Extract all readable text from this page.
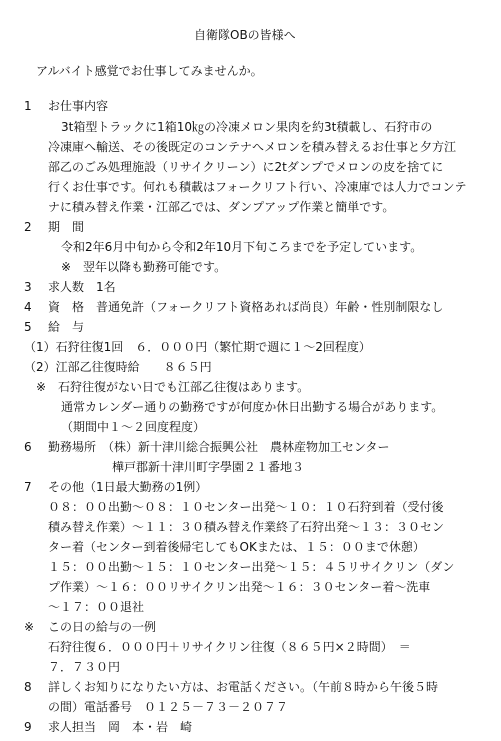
自衛隊OBの皆様へ
アルバイト感覚でお仕事してみませんか。
1 お仕事内容
3t箱型トラックに1箱10㎏の冷凍メロン果肉を約3t積載し、石狩市の
冷凍庫へ輸送、その後既定のコンテナへメロンを積み替えるお仕事と夕方江
部乙のごみ処理施設（リサイクリーン）に2tダンプでメロンの皮を捨てに
行くお仕事です。何れも積載はフォークリフト行い、冷凍庫では人力でコンテ
ナに積み替え作業・江部乙では、ダンプアップ作業と簡単です。
2 期　間
令和2年6月中旬から令和2年10月下旬ころまでを予定しています。
※　翌年以降も勤務可能です。
3 求人数　1名
4 資　格　普通免許（フォークリフト資格あれば尚良）年齢・性別制限なし
5 給　与
（1）石狩往復1回　６．０００円（繁忙期で週に１〜2回程度）
（2）江部乙往復時給　　８６５円
※　石狩往復がない日でも江部乙往復はあります。
通常カレンダー通りの勤務ですが何度か休日出勤する場合があります。
（期間中１〜２回度程度）
6 勤務場所　（株）新十津川総合振興公社　農林産物加工センター
樺戸郡新十津川町字學園２１番地３
7 その他（1日最大勤務の1例）
０８：００出勤〜０８：１０センター出発〜１０：１０石狩到着（受付後
積み替え作業）〜１１：３０積み替え作業終了石狩出発〜１３：３０セン
ター着（センター到着後帰宅してもOKまたは、１５：００まで休憩）
１５：００出勤〜１５：１０センター出発〜１５：４５リサイクリン（ダン
プ作業）〜１６：００リサイクリン出発〜１６：３０センター着〜洗車
〜１７：００退社
※ この日の給与の一例
石狩往復６．０００円＋リサイクリン往復（８６５円×２時間）　＝
７．７３０円
8 詳しくお知りになりたい方は、お電話ください。（午前８時から午後５時
の間）電話番号　０１２５－７３－２０７７
9 求人担当　岡　本・岩　崎
